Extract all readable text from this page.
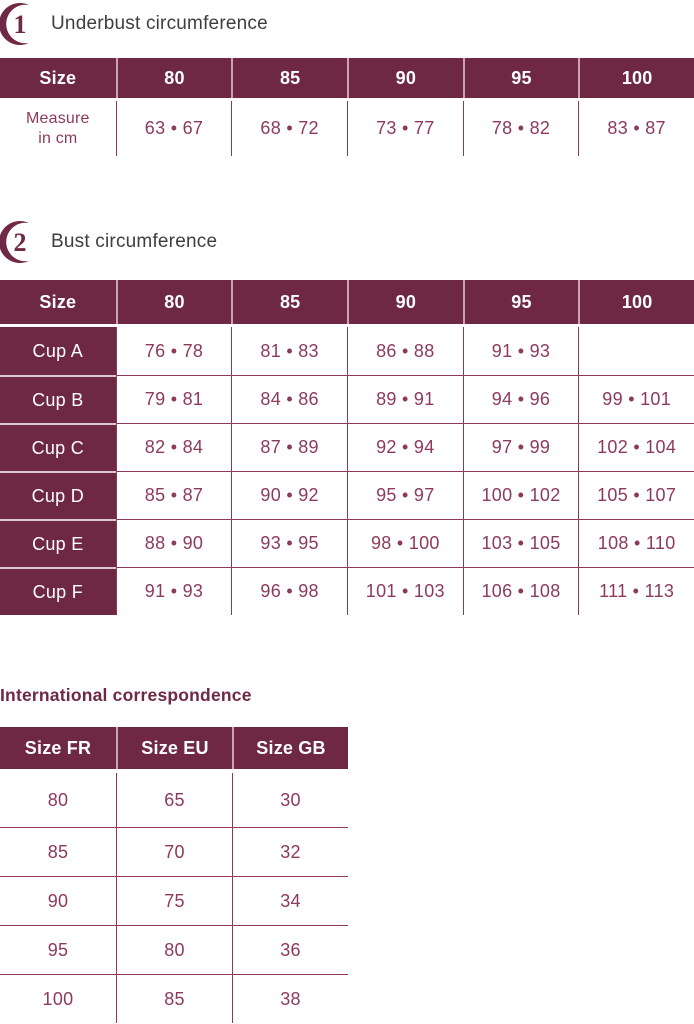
1 Underbust circumference
Size	80	85	90	95	100
Measure
in cm	63 • 67	68 • 72	73 • 77	78 • 82	83 • 87
2 Bust circumference
Size	80	85	90	95	100
Cup A	76 • 78	81 • 83	86 • 88	91 • 93
Cup B	79 • 81	84 • 86	89 • 91	94 • 96	99 • 101
Cup C	82 • 84	87 • 89	92 • 94	97 • 99	102 • 104
Cup D	85 • 87	90 • 92	95 • 97	100 • 102	105 • 107
Cup E	88 • 90	93 • 95	98 • 100	103 • 105	108 • 110
Cup F	91 • 93	96 • 98	101 • 103	106 • 108	111 • 113
International correspondence
Size FR	Size EU	Size GB
80	65	30
85	70	32
90	75	34
95	80	36
100	85	38
